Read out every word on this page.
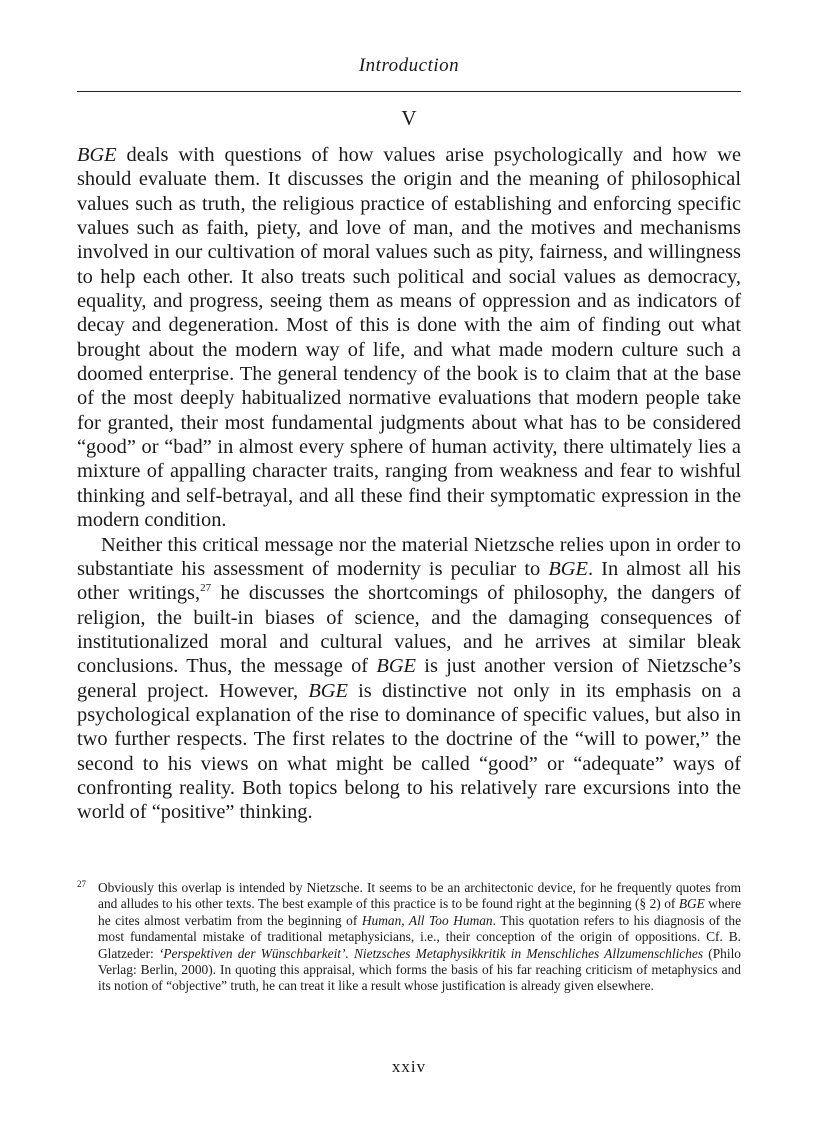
Introduction
V

BGE deals with questions of how values arise psychologically and how we should evaluate them. It discusses the origin and the meaning of philosophical values such as truth, the religious practice of establishing and enforcing specific values such as faith, piety, and love of man, and the motives and mechanisms involved in our cultivation of moral values such as pity, fairness, and willingness to help each other. It also treats such political and social values as democracy, equality, and progress, seeing them as means of oppression and as indicators of decay and degeneration. Most of this is done with the aim of finding out what brought about the modern way of life, and what made modern culture such a doomed enterprise. The general tendency of the book is to claim that at the base of the most deeply habitualized normative evaluations that modern people take for granted, their most fundamental judgments about what has to be considered “good” or “bad” in almost every sphere of human activity, there ultimately lies a mixture of appalling character traits, ranging from weakness and fear to wishful thinking and self-betrayal, and all these find their symptomatic expression in the modern condition.

Neither this critical message nor the material Nietzsche relies upon in order to substantiate his assessment of modernity is peculiar to BGE. In almost all his other writings,$^{27}$ he discusses the shortcomings of philosophy, the dangers of religion, the built-in biases of science, and the damaging consequences of institutionalized moral and cultural values, and he arrives at similar bleak conclusions. Thus, the message of BGE is just another version of Nietzsche’s general project. However, BGE is distinctive not only in its emphasis on a psychological explanation of the rise to dominance of specific values, but also in two further respects. The first relates to the doctrine of the “will to power,” the second to his views on what might be called “good” or “adequate” ways of confronting reality. Both topics belong to his relatively rare excursions into the world of “positive” thinking.

27 Obviously this overlap is intended by Nietzsche. It seems to be an architectonic device, for he frequently quotes from and alludes to his other texts. The best example of this practice is to be found right at the beginning (§ 2) of BGE where he cites almost verbatim from the beginning of Human, All Too Human. This quotation refers to his diagnosis of the most fundamental mistake of traditional metaphysicians, i.e., their conception of the origin of oppositions. Cf. B. Glatzeder: ‘Perspektiven der Wünschbarkeit’. Nietzsches Metaphysikkritik in Menschliches Allzumenschliches (Philo Verlag: Berlin, 2000). In quoting this appraisal, which forms the basis of his far reaching criticism of metaphysics and its notion of “objective” truth, he can treat it like a result whose justification is already given elsewhere.

xxiv
